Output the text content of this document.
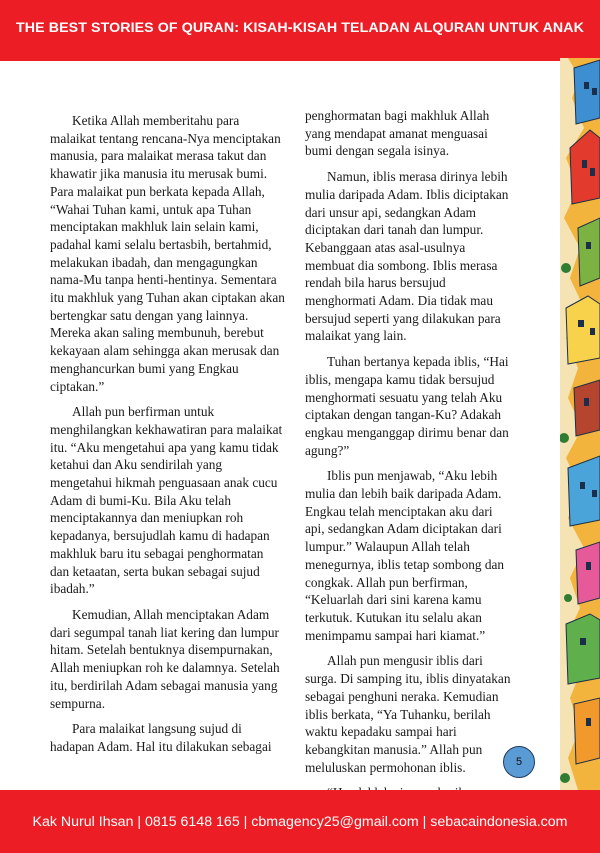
THE BEST STORIES OF QURAN: KISAH-KISAH TELADAN ALQURAN UNTUK ANAK

Ketika Allah memberitahu para malaikat tentang rencana-Nya menciptakan manusia, para malaikat merasa takut dan khawatir jika manusia itu merusak bumi. Para malaikat pun berkata kepada Allah, “Wahai Tuhan kami, untuk apa Tuhan menciptakan makhluk lain selain kami, padahal kami selalu bertasbih, bertahmid, melakukan ibadah, dan mengagungkan nama-Mu tanpa henti-hentinya. Sementara itu makhluk yang Tuhan akan ciptakan akan bertengkar satu dengan yang lainnya. Mereka akan saling membunuh, berebut kekayaan alam sehingga akan merusak dan menghancurkan bumi yang Engkau ciptakan.”

Allah pun berfirman untuk menghilangkan kekhawatiran para malaikat itu. “Aku mengetahui apa yang kamu tidak ketahui dan Aku sendirilah yang mengetahui hikmah penguasaan anak cucu Adam di bumi-Ku. Bila Aku telah menciptakannya dan meniupkan roh kepadanya, bersujudlah kamu di hadapan makhluk baru itu sebagai penghormatan dan ketaatan, serta bukan sebagai sujud ibadah.”

Kemudian, Allah menciptakan Adam dari segumpal tanah liat kering dan lumpur hitam. Setelah bentuknya disempurnakan, Allah meniupkan roh ke dalamnya. Setelah itu, berdirilah Adam sebagai manusia yang sempurna.

Para malaikat langsung sujud di hadapan Adam. Hal itu dilakukan sebagai

penghormatan bagi makhluk Allah yang mendapat amanat menguasai bumi dengan segala isinya.

Namun, iblis merasa dirinya lebih mulia daripada Adam. Iblis diciptakan dari unsur api, sedangkan Adam diciptakan dari tanah dan lumpur. Kebanggaan atas asal-usulnya membuat dia sombong. Iblis merasa rendah bila harus bersujud menghormati Adam. Dia tidak mau bersujud seperti yang dilakukan para malaikat yang lain.

Tuhan bertanya kepada iblis, “Hai iblis, mengapa kamu tidak bersujud menghormati sesuatu yang telah Aku ciptakan dengan tangan-Ku? Adakah engkau menganggap dirimu benar dan agung?”

Iblis pun menjawab, “Aku lebih mulia dan lebih baik daripada Adam. Engkau telah menciptakan aku dari api, sedangkan Adam diciptakan dari lumpur.” Walaupun Allah telah menegurnya, iblis tetap sombong dan congkak. Allah pun berfirman, “Keluarlah dari sini karena kamu terkutuk. Kutukan itu selalu akan menimpamu sampai hari kiamat.”

Allah pun mengusir iblis dari surga. Di samping itu, iblis dinyatakan sebagai penghuni neraka. Kemudian iblis berkata, “Ya Tuhanku, berilah waktu kepadaku sampai hari kebangkitan manusia.” Allah pun meluluskan permohonan iblis.	5
Kak Nurul Ihsan | 0815 6148 165 | cbmagency25@gmail.com | sebacaindonesia.com
